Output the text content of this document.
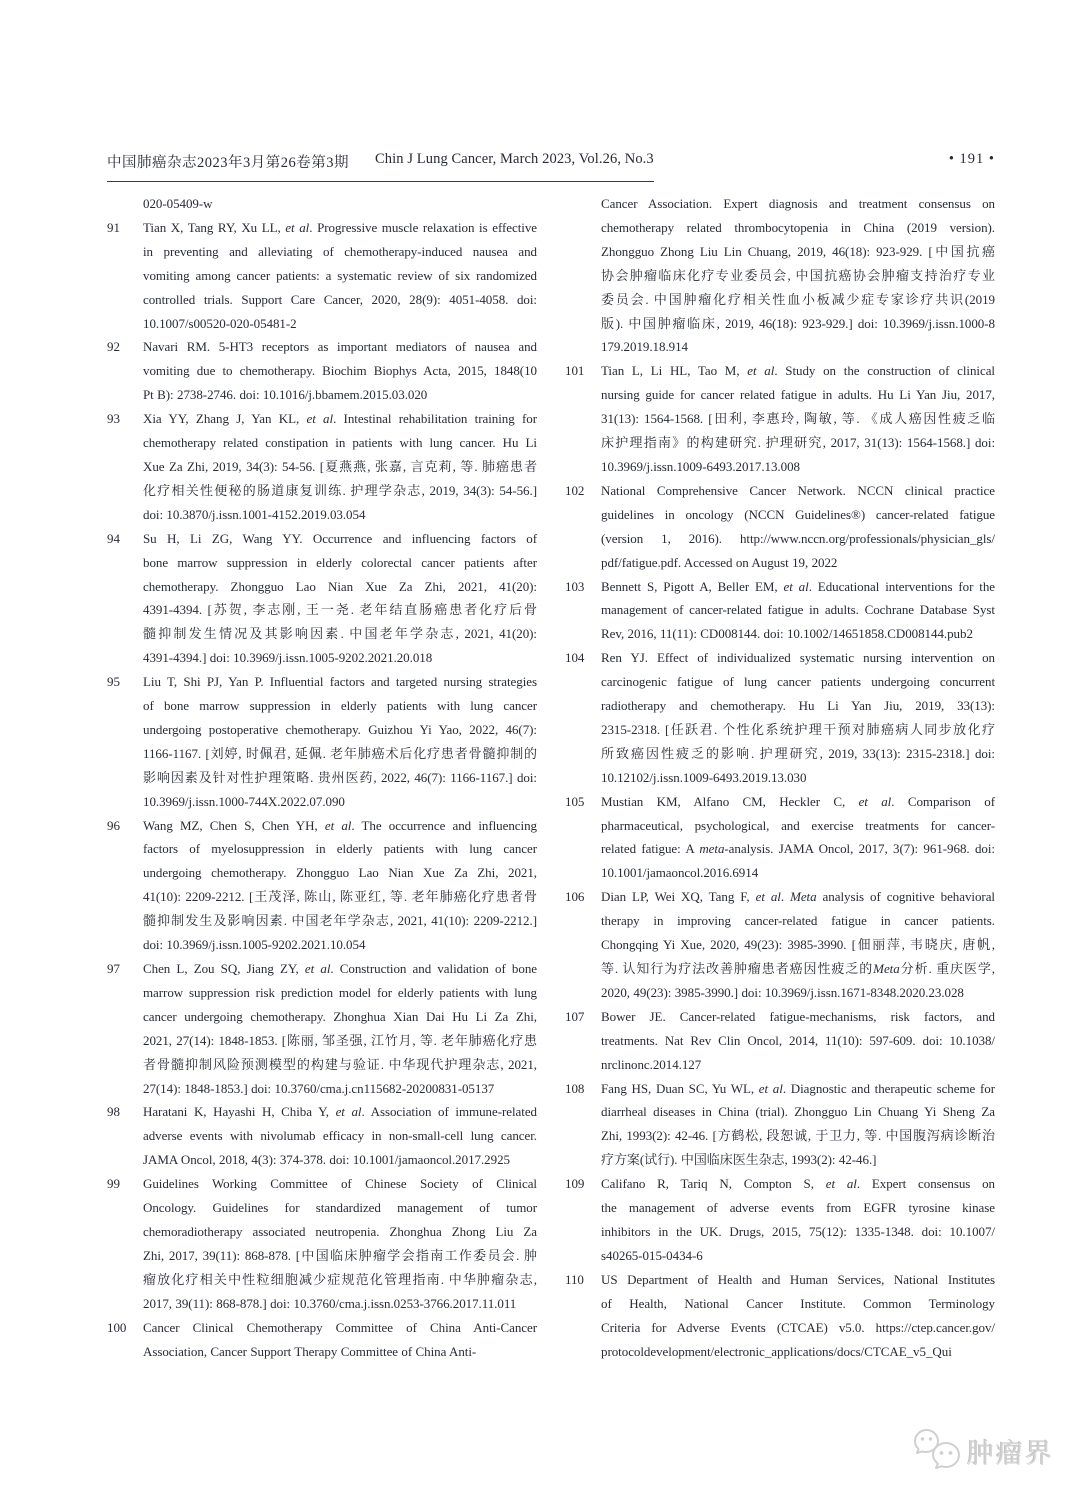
中国肺癌杂志2023年3月第26卷第3期 Chin J Lung Cancer, March 2023, Vol.26, No.3	• 191 •
020-05409-w
91 Tian X, Tang RY, Xu LL, et al. Progressive muscle relaxation is effective
in preventing and alleviating of chemotherapy-induced nausea and
vomiting among cancer patients: a systematic review of six randomized
controlled trials. Support Care Cancer, 2020, 28(9): 4051-4058. doi:
10.1007/s00520-020-05481-2
92 Navari RM. 5-HT3 receptors as important mediators of nausea and
vomiting due to chemotherapy. Biochim Biophys Acta, 2015, 1848(10
Pt B): 2738-2746. doi: 10.1016/j.bbamem.2015.03.020
93 Xia YY, Zhang J, Yan KL, et al. Intestinal rehabilitation training for
chemotherapy related constipation in patients with lung cancer. Hu Li
Xue Za Zhi, 2019, 34(3): 54-56. [夏燕燕, 张嘉, 言克莉, 等. 肺癌患者
化疗相关性便秘的肠道康复训练. 护理学杂志, 2019, 34(3): 54-56.]
doi: 10.3870/j.issn.1001-4152.2019.03.054
94 Su H, Li ZG, Wang YY. Occurrence and influencing factors of
bone marrow suppression in elderly colorectal cancer patients after
chemotherapy. Zhongguo Lao Nian Xue Za Zhi, 2021, 41(20):
4391-4394. [苏贺, 李志刚, 王一尧. 老年结直肠癌患者化疗后骨
髓抑制发生情况及其影响因素. 中国老年学杂志, 2021, 41(20):
4391-4394.] doi: 10.3969/j.issn.1005-9202.2021.20.018
95 Liu T, Shi PJ, Yan P. Influential factors and targeted nursing strategies
of bone marrow suppression in elderly patients with lung cancer
undergoing postoperative chemotherapy. Guizhou Yi Yao, 2022, 46(7):
1166-1167. [刘婷, 时佩君, 延佩. 老年肺癌术后化疗患者骨髓抑制的
影响因素及针对性护理策略. 贵州医药, 2022, 46(7): 1166-1167.] doi:
10.3969/j.issn.1000-744X.2022.07.090
96 Wang MZ, Chen S, Chen YH, et al. The occurrence and influencing
factors of myelosuppression in elderly patients with lung cancer
undergoing chemotherapy. Zhongguo Lao Nian Xue Za Zhi, 2021,
41(10): 2209-2212. [王茂泽, 陈山, 陈亚红, 等. 老年肺癌化疗患者骨
髓抑制发生及影响因素. 中国老年学杂志, 2021, 41(10): 2209-2212.]
doi: 10.3969/j.issn.1005-9202.2021.10.054
97 Chen L, Zou SQ, Jiang ZY, et al. Construction and validation of bone
marrow suppression risk prediction model for elderly patients with lung
cancer undergoing chemotherapy. Zhonghua Xian Dai Hu Li Za Zhi,
2021, 27(14): 1848-1853. [陈丽, 邹圣强, 江竹月, 等. 老年肺癌化疗患
者骨髓抑制风险预测模型的构建与验证. 中华现代护理杂志, 2021,
27(14): 1848-1853.] doi: 10.3760/cma.j.cn115682-20200831-05137
98 Haratani K, Hayashi H, Chiba Y, et al. Association of immune-related
adverse events with nivolumab efficacy in non-small-cell lung cancer.
JAMA Oncol, 2018, 4(3): 374-378. doi: 10.1001/jamaoncol.2017.2925
99 Guidelines Working Committee of Chinese Society of Clinical
Oncology. Guidelines for standardized management of tumor
chemoradiotherapy associated neutropenia. Zhonghua Zhong Liu Za
Zhi, 2017, 39(11): 868-878. [中国临床肿瘤学会指南工作委员会. 肿
瘤放化疗相关中性粒细胞减少症规范化管理指南. 中华肿瘤杂志,
2017, 39(11): 868-878.] doi: 10.3760/cma.j.issn.0253-3766.2017.11.011
100 Cancer Clinical Chemotherapy Committee of China Anti-Cancer
Association, Cancer Support Therapy Committee of China Anti-
Cancer Association. Expert diagnosis and treatment consensus on
chemotherapy related thrombocytopenia in China (2019 version).
Zhongguo Zhong Liu Lin Chuang, 2019, 46(18): 923-929. [中国抗癌
协会肿瘤临床化疗专业委员会, 中国抗癌协会肿瘤支持治疗专业
委员会. 中国肿瘤化疗相关性血小板减少症专家诊疗共识(2019
版). 中国肿瘤临床, 2019, 46(18): 923-929.] doi: 10.3969/j.issn.1000-8
179.2019.18.914
101 Tian L, Li HL, Tao M, et al. Study on the construction of clinical
nursing guide for cancer related fatigue in adults. Hu Li Yan Jiu, 2017,
31(13): 1564-1568. [田利, 李惠玲, 陶敏, 等. 《成人癌因性疲乏临
床护理指南》的构建研究. 护理研究, 2017, 31(13): 1564-1568.] doi:
10.3969/j.issn.1009-6493.2017.13.008
102 National Comprehensive Cancer Network. NCCN clinical practice
guidelines in oncology (NCCN Guidelines®) cancer-related fatigue
(version 1, 2016). http://www.nccn.org/professionals/physician_gls/
pdf/fatigue.pdf. Accessed on August 19, 2022
103 Bennett S, Pigott A, Beller EM, et al. Educational interventions for the
management of cancer-related fatigue in adults. Cochrane Database Syst
Rev, 2016, 11(11): CD008144. doi: 10.1002/14651858.CD008144.pub2
104 Ren YJ. Effect of individualized systematic nursing intervention on
carcinogenic fatigue of lung cancer patients undergoing concurrent
radiotherapy and chemotherapy. Hu Li Yan Jiu, 2019, 33(13):
2315-2318. [任跃君. 个性化系统护理干预对肺癌病人同步放化疗
所致癌因性疲乏的影响. 护理研究, 2019, 33(13): 2315-2318.] doi:
10.12102/j.issn.1009-6493.2019.13.030
105 Mustian KM, Alfano CM, Heckler C, et al. Comparison of
pharmaceutical, psychological, and exercise treatments for cancer-
related fatigue: A meta-analysis. JAMA Oncol, 2017, 3(7): 961-968. doi:
10.1001/jamaoncol.2016.6914
106 Dian LP, Wei XQ, Tang F, et al. Meta analysis of cognitive behavioral
therapy in improving cancer-related fatigue in cancer patients.
Chongqing Yi Xue, 2020, 49(23): 3985-3990. [佃丽萍, 韦晓庆, 唐帆,
等. 认知行为疗法改善肿瘤患者癌因性疲乏的Meta分析. 重庆医学,
2020, 49(23): 3985-3990.] doi: 10.3969/j.issn.1671-8348.2020.23.028
107 Bower JE. Cancer-related fatigue-mechanisms, risk factors, and
treatments. Nat Rev Clin Oncol, 2014, 11(10): 597-609. doi: 10.1038/
nrclinonc.2014.127
108 Fang HS, Duan SC, Yu WL, et al. Diagnostic and therapeutic scheme for
diarrheal diseases in China (trial). Zhongguo Lin Chuang Yi Sheng Za
Zhi, 1993(2): 42-46. [方鹤松, 段恕诚, 于卫力, 等. 中国腹泻病诊断治
疗方案(试行). 中国临床医生杂志, 1993(2): 42-46.]
109 Califano R, Tariq N, Compton S, et al. Expert consensus on
the management of adverse events from EGFR tyrosine kinase
inhibitors in the UK. Drugs, 2015, 75(12): 1335-1348. doi: 10.1007/
s40265-015-0434-6
110 US Department of Health and Human Services, National Institutes
of Health, National Cancer Institute. Common Terminology
Criteria for Adverse Events (CTCAE) v5.0. https://ctep.cancer.gov/
protocoldevelopment/electronic_applications/docs/CTCAE_v5_Qui
肿瘤界
